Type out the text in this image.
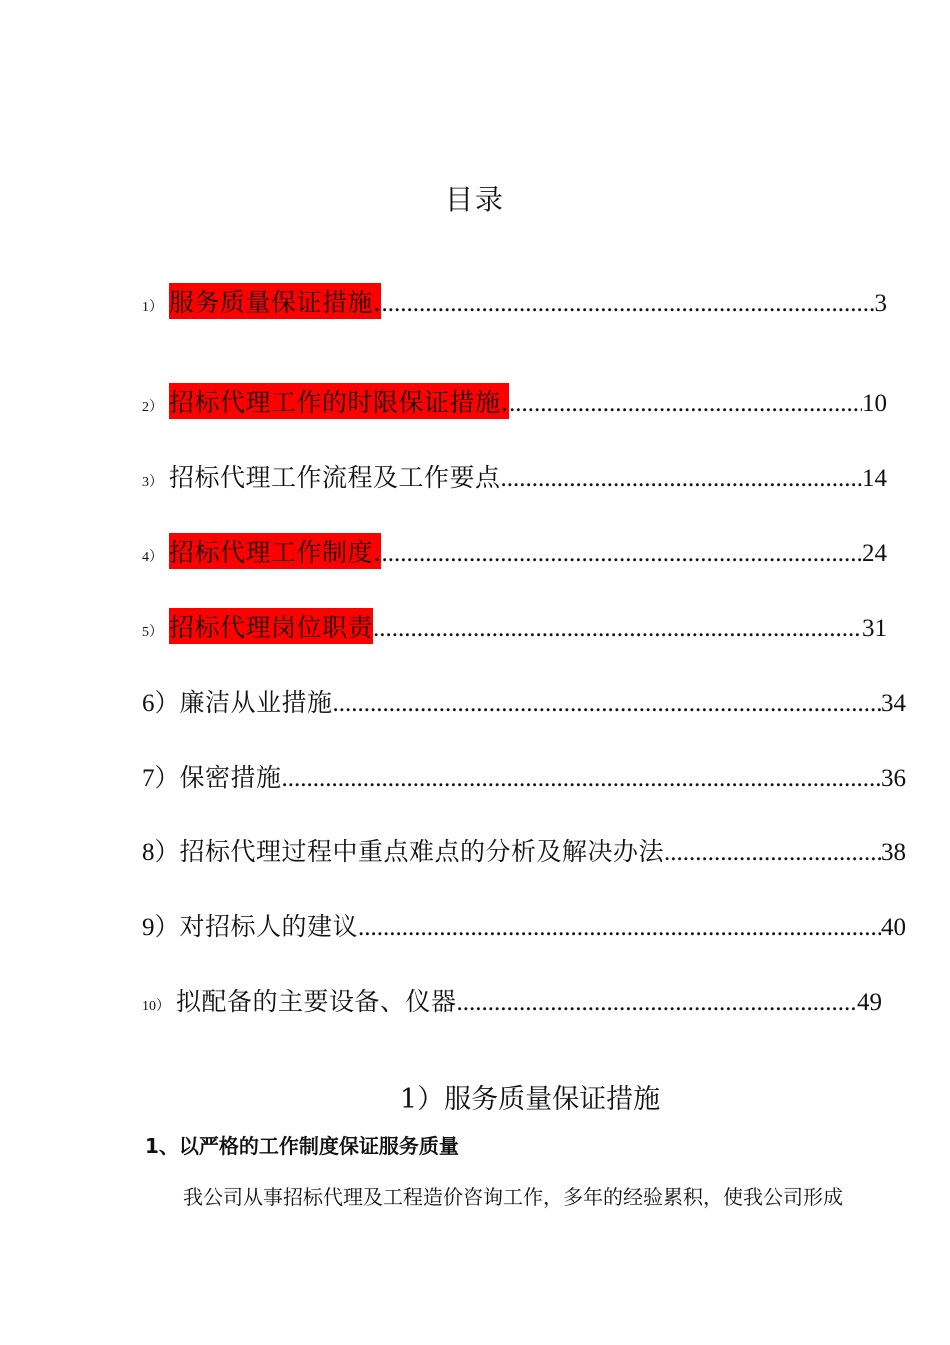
目录
1） 服务质量保证措施. .....	3
2） 招标代理工作的时限保证措施. .....	10
3） 招标代理工作流程及工作要点 .....	14
4） 招标代理工作制度. .....	24
5） 招标代理岗位职责 .....	31
6） 廉洁从业措施 .....	34
7） 保密措施 .....	36
8） 招标代理过程中重点难点的分析及解决办法 .....	38
9） 对招标人的建议 .....	40
10） 拟配备的主要设备、仪器 .....	49
1）服务质量保证措施
1、以严格的工作制度保证服务质量
我公司从事招标代理及工程造价咨询工作，多年的经验累积，使我公司形成
